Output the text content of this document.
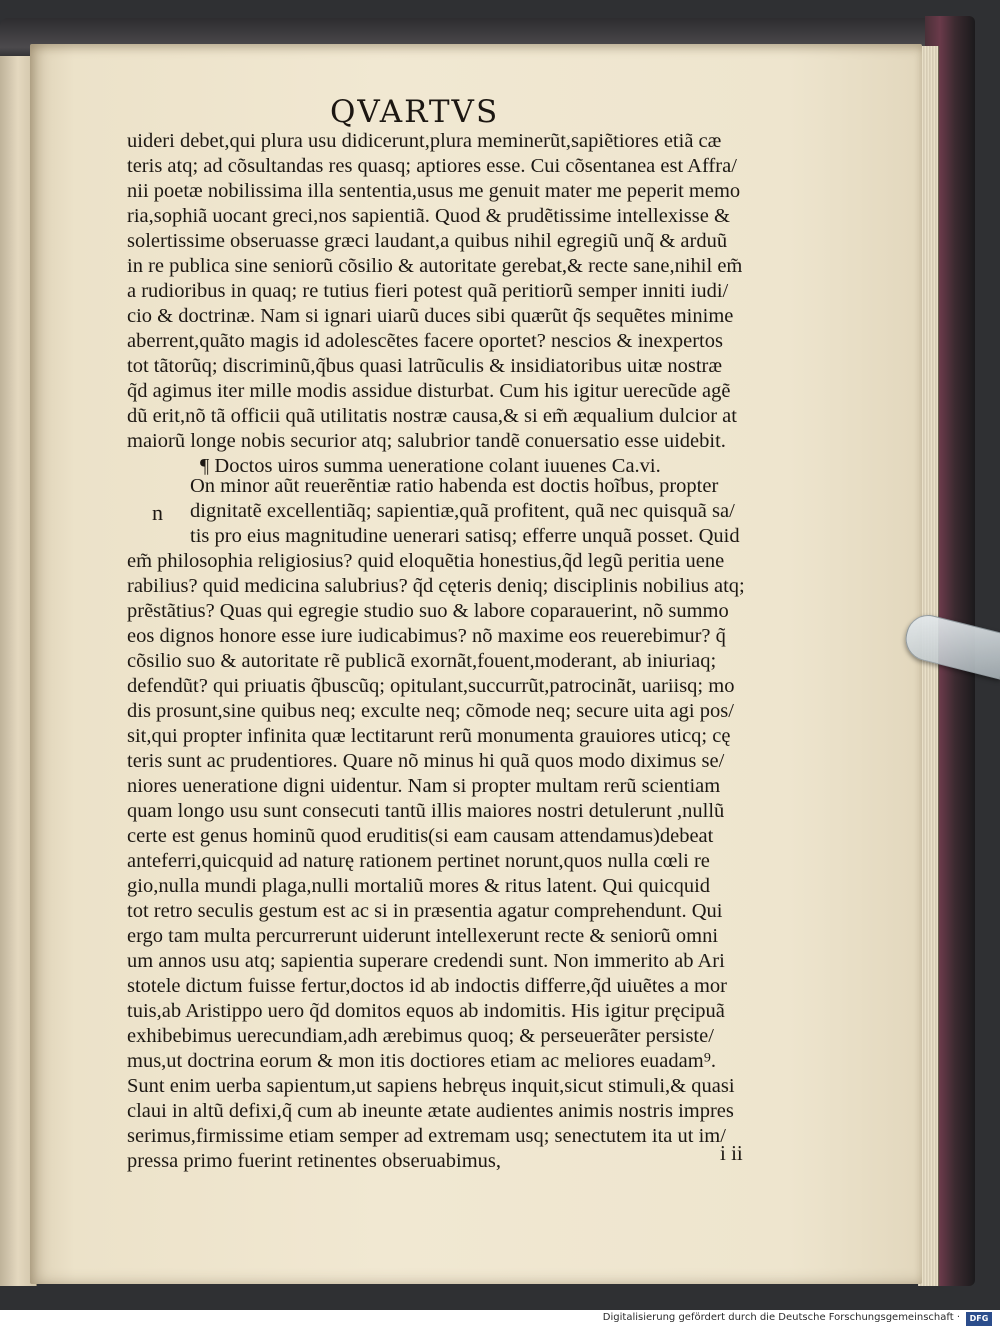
QVARTVS
uideri debet,qui plura usu didicerunt,plura meminerũt,sapiẽtiores etiã cæ
teris atq; ad cõsultandas res quasq; aptiores esse. Cui cõsentanea est Affra/
nii poetæ nobilissima illa sententia,usus me genuit mater me peperit memo
ria,sophiã uocant greci,nos sapientiã. Quod & prudẽtissime intellexisse &
solertissime obseruasse græci laudant,a quibus nihil egregiũ unq̃ & arduũ
in re publica sine seniorũ cõsilio & autoritate gerebat,& recte sane,nihil em̃
a rudioribus in quaq; re tutius fieri potest quã peritiorũ semper inniti iudi/
cio & doctrinæ. Nam si ignari uiarũ duces sibi quærũt q̃s sequẽtes minime
aberrent,quãto magis id adolescẽtes facere oportet? nescios & inexpertos
tot tãtorũq; discriminũ,q̃bus quasi latrũculis & insidiatoribus uitæ nostræ
q̃d agimus iter mille modis assidue disturbat. Cum his igitur uerecũde agẽ
dũ erit,nõ tã officii quã utilitatis nostræ causa,& si em̃ æqualium dulcior at
maiorũ longe nobis securior atq; salubrior tandẽ conuersatio esse uidebit.
¶ Doctos uiros summa ueneratione colant iuuenes Ca.vi.
On minor aũt reuerẽntiæ ratio habenda est doctis hoĩbus, propter
dignitatẽ excellentiãq; sapientiæ,quã profitent, quã nec quisquã sa/
tis pro eius magnitudine uenerari satisq; efferre unquã posset. Quid
em̃ philosophia religiosius? quid eloquẽtia honestius,q̃d legũ peritia uene
rabilius? quid medicina salubrius? q̃d cęteris deniq; disciplinis nobilius atq;
prẽstãtius? Quas qui egregie studio suo & labore coparauerint, nõ summo
eos dignos honore esse iure iudicabimus? nõ maxime eos reuerebimur? q̃
cõsilio suo & autoritate rẽ publicã exornãt,fouent,moderant, ab iniuriaq;
defendũt? qui priuatis q̃buscũq; opitulant,succurrũt,patrocinãt, uariisq; mo
dis prosunt,sine quibus neq; exculte neq; cõmode neq; secure uita agi pos/
sit,qui propter infinita quæ lectitarunt rerũ monumenta grauiores uticq; cę
teris sunt ac prudentiores. Quare nõ minus hi quã quos modo diximus se/
niores ueneratione digni uidentur. Nam si propter multam rerũ scientiam
quam longo usu sunt consecuti tantũ illis maiores nostri detulerunt ,nullũ
certe est genus hominũ quod eruditis(si eam causam attendamus)debeat
anteferri,quicquid ad naturę rationem pertinet norunt,quos nulla cœli re
gio,nulla mundi plaga,nulli mortaliũ mores & ritus latent. Qui quicquid
tot retro seculis gestum est ac si in præsentia agatur comprehendunt. Qui
ergo tam multa percurrerunt uiderunt intellexerunt recte & seniorũ omni
um annos usu atq; sapientia superare credendi sunt. Non immerito ab Ari
stotele dictum fuisse fertur,doctos id ab indoctis differre,q̃d uiuẽtes a mor
tuis,ab Aristippo uero q̃d domitos equos ab indomitis. His igitur pręcipuã
exhibebimus uerecundiam,adh ærebimus quoq; & perseuerãter persiste/
mus,ut doctrina eorum & mon itis doctiores etiam ac meliores euadam⁹.
Sunt enim uerba sapientum,ut sapiens hebręus inquit,sicut stimuli,& quasi
claui in altũ defixi,q̃ cum ab ineunte ætate audientes animis nostris impres
serimus,firmissime etiam semper ad extremam usq; senectutem ita ut im/
pressa primo fuerint retinentes obseruabimus,
n
i ii
Digitalisierung gefördert durch die Deutsche Forschungsgemeinschaft ·	DFG
